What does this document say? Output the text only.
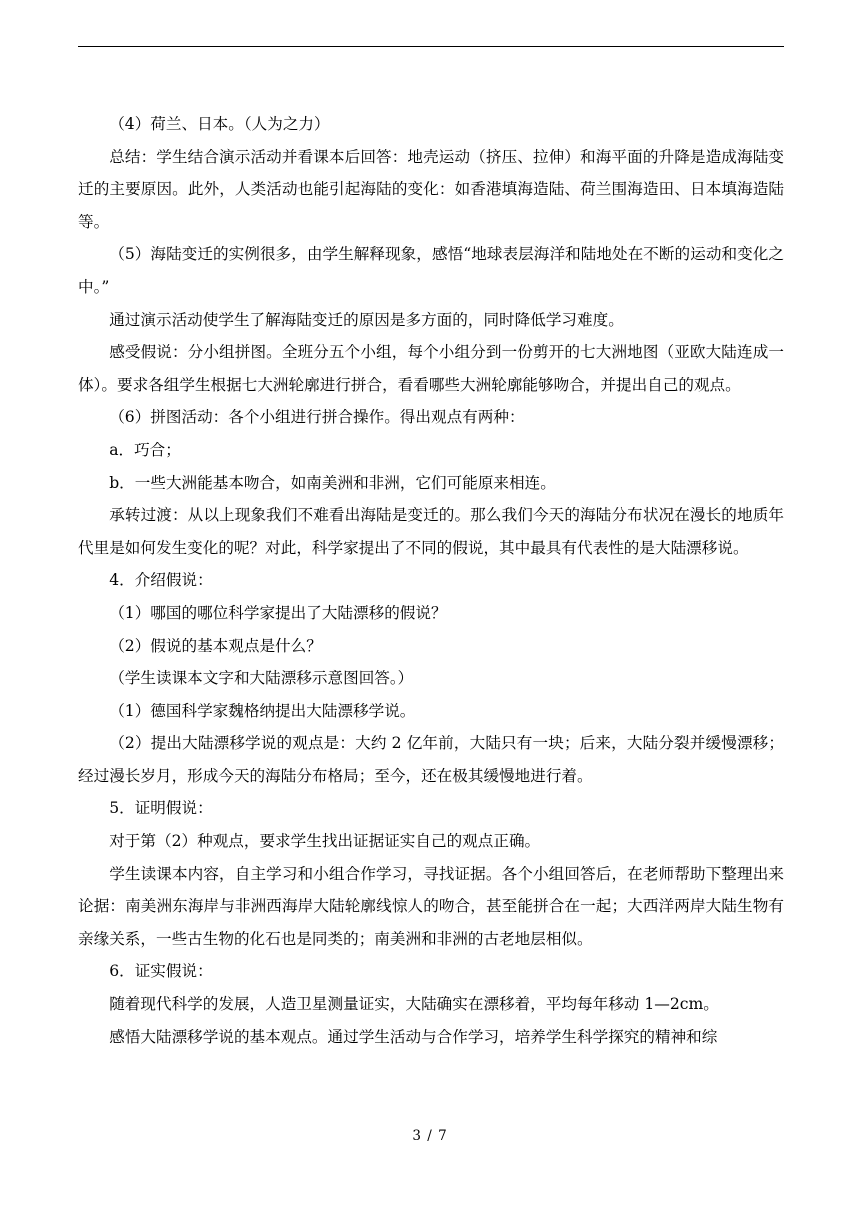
（4）荷兰、日本。（人为之力）

总结：学生结合演示活动并看课本后回答：地壳运动（挤压、拉伸）和海平面的升降是造成海陆变迁的主要原因。此外，人类活动也能引起海陆的变化：如香港填海造陆、荷兰围海造田、日本填海造陆等。

（5）海陆变迁的实例很多，由学生解释现象，感悟“地球表层海洋和陆地处在不断的运动和变化之中。”

通过演示活动使学生了解海陆变迁的原因是多方面的，同时降低学习难度。

感受假说：分小组拼图。全班分五个小组，每个小组分到一份剪开的七大洲地图（亚欧大陆连成一体）。要求各组学生根据七大洲轮廓进行拼合，看看哪些大洲轮廓能够吻合，并提出自己的观点。

（6）拼图活动：各个小组进行拼合操作。得出观点有两种：

a．巧合；

b．一些大洲能基本吻合，如南美洲和非洲，它们可能原来相连。

承转过渡：从以上现象我们不难看出海陆是变迁的。那么我们今天的海陆分布状况在漫长的地质年代里是如何发生变化的呢？对此，科学家提出了不同的假说，其中最具有代表性的是大陆漂移说。

4．介绍假说：

（1）哪国的哪位科学家提出了大陆漂移的假说？

（2）假说的基本观点是什么？

（学生读课本文字和大陆漂移示意图回答。）

（1）德国科学家魏格纳提出大陆漂移学说。

（2）提出大陆漂移学说的观点是：大约 2 亿年前，大陆只有一块；后来，大陆分裂并缓慢漂移；经过漫长岁月，形成今天的海陆分布格局；至今，还在极其缓慢地进行着。

5．证明假说：

对于第（2）种观点，要求学生找出证据证实自己的观点正确。

学生读课本内容，自主学习和小组合作学习，寻找证据。各个小组回答后，在老师帮助下整理出来论据：南美洲东海岸与非洲西海岸大陆轮廓线惊人的吻合，甚至能拼合在一起；大西洋两岸大陆生物有亲缘关系，一些古生物的化石也是同类的；南美洲和非洲的古老地层相似。

6．证实假说：

随着现代科学的发展，人造卫星测量证实，大陆确实在漂移着，平均每年移动 1—2cm。

感悟大陆漂移学说的基本观点。通过学生活动与合作学习，培养学生科学探究的精神和综

3 / 7
